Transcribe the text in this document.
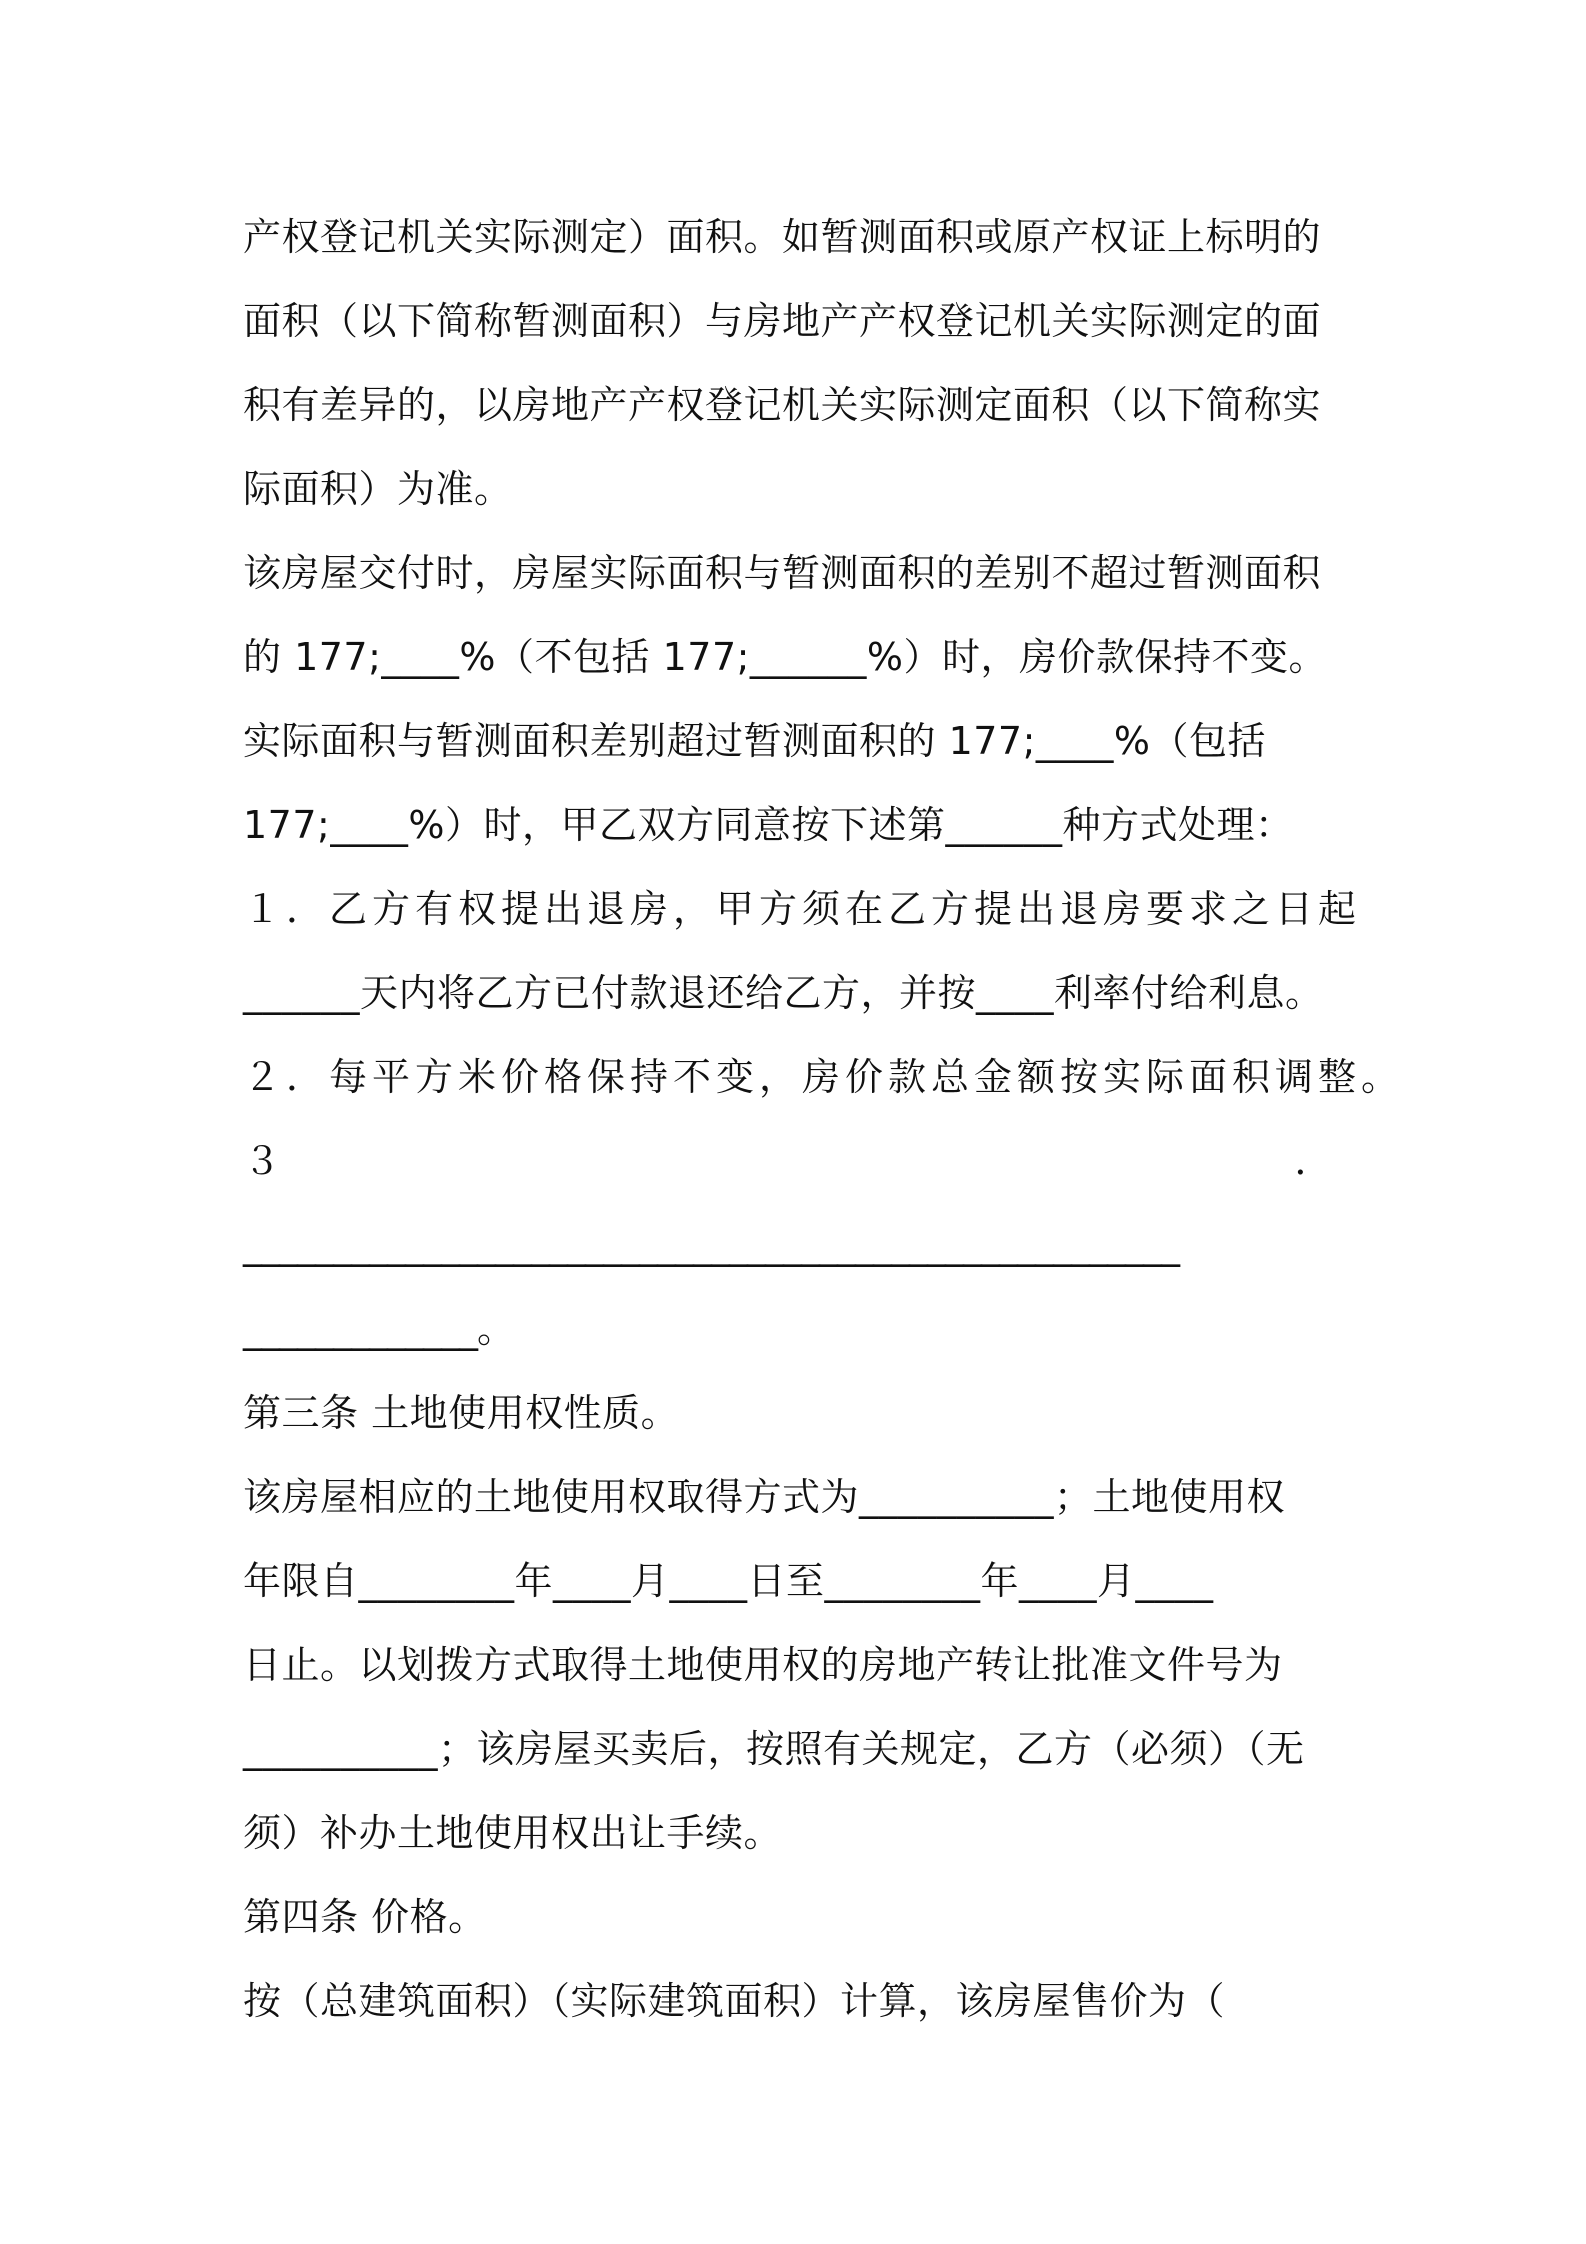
产权登记机关实际测定）面积。如暂测面积或原产权证上标明的
面积（以下简称暂测面积）与房地产产权登记机关实际测定的面
积有差异的，以房地产产权登记机关实际测定面积（以下简称实
际面积）为准。
该房屋交付时，房屋实际面积与暂测面积的差别不超过暂测面积
的 177;____%（不包括 177;______%）时，房价款保持不变。
实际面积与暂测面积差别超过暂测面积的 177;____%（包括
177;____%）时，甲乙双方同意按下述第______种方式处理：
１．乙方有权提出退房，甲方须在乙方提出退房要求之日起
______天内将乙方已付款退还给乙方，并按____利率付给利息。
２．每平方米价格保持不变，房价款总金额按实际面积调整。
３	．
____________________________________________________
_____________。
第三条 土地使用权性质。
该房屋相应的土地使用权取得方式为__________；土地使用权
年限自________年____月____日至________年____月____
日止。以划拨方式取得土地使用权的房地产转让批准文件号为
__________；该房屋买卖后，按照有关规定，乙方（必须）（无
须）补办土地使用权出让手续。
第四条 价格。
按（总建筑面积）（实际建筑面积）计算，该房屋售价为（
